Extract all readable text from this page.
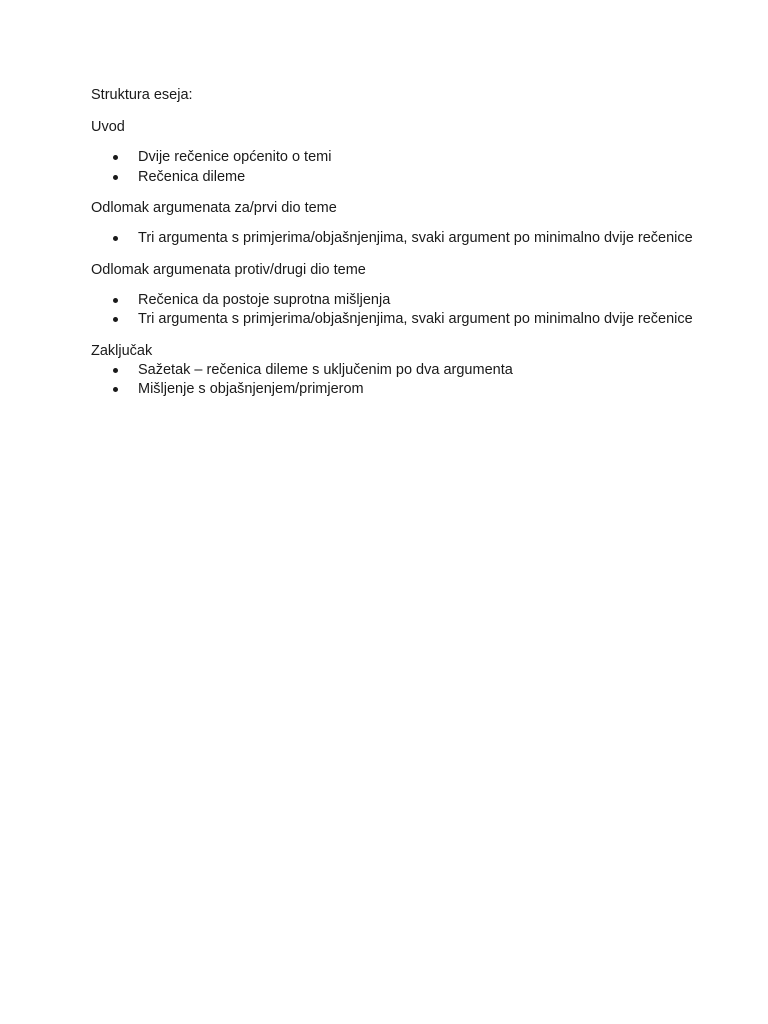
Struktura eseja:

Uvod

Dvije rečenice općenito o temi
Rečenica dileme

Odlomak argumenata za/prvi dio teme

Tri argumenta s primjerima/objašnjenjima, svaki argument po minimalno dvije rečenice

Odlomak argumenata protiv/drugi dio teme

Rečenica da postoje suprotna mišljenja
Tri argumenta s primjerima/objašnjenjima, svaki argument po minimalno dvije rečenice

Zaključak

Sažetak – rečenica dileme s uključenim po dva argumenta
Mišljenje s objašnjenjem/primjerom
